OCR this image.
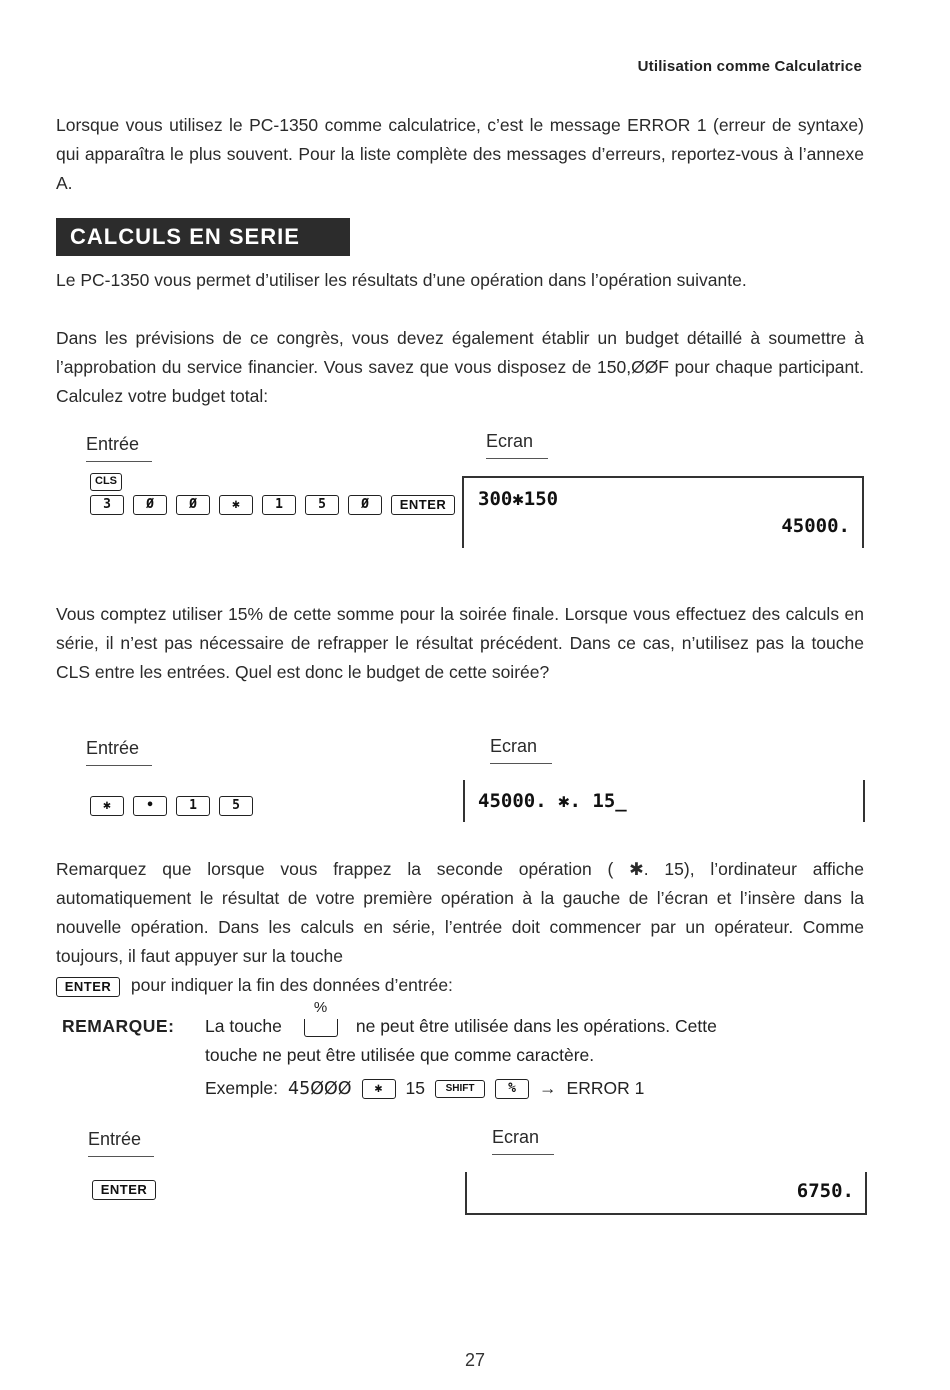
Utilisation comme Calculatrice
Lorsque vous utilisez le PC-1350 comme calculatrice, c’est le message ERROR 1 (erreur de syntaxe) qui apparaîtra le plus souvent. Pour la liste complète des messages d’erreurs, reportez-vous à l’annexe A.
CALCULS EN SERIE
Le PC-1350 vous permet d’utiliser les résultats d’une opération dans l’opération suivante.
Dans les prévisions de ce congrès, vous devez également établir un budget détaillé à soumettre à l’approbation du service financier. Vous savez que vous disposez de 150,ØØF pour chaque participant. Calculez votre budget total:
Entrée	Ecran
CLS
3	Ø	Ø	✱	1	5	Ø	ENTER	300✱150
45000.
Vous comptez utiliser 15% de cette somme pour la soirée finale. Lorsque vous effectuez des calculs en série, il n’est pas nécessaire de refrapper le résultat précédent. Dans ce cas, n’utilisez pas la touche CLS entre les entrées. Quel est donc le budget de cette soirée?
Entrée	Ecran
✱	•	1	5	45000. ✱. 15_
Remarquez que lorsque vous frappez la seconde opération ( ✱. 15), l’ordinateur affiche automatiquement le résultat de votre première opération à la gauche de l’écran et l’insère dans la nouvelle opération. Dans les calculs en série, l’entrée doit commencer par un opérateur. Comme toujours, il faut appuyer sur la touche
ENTER pour indiquer la fin des données d’entrée:
REMARQUE: La touche
%
ne peut être utilisée dans les opérations. Cette
touche ne peut être utilisée que comme caractère.
Exemple: 45ØØØ	✱	15	SHIFT	%	→ ERROR 1
Entrée	Ecran
ENTER	6750.
27
